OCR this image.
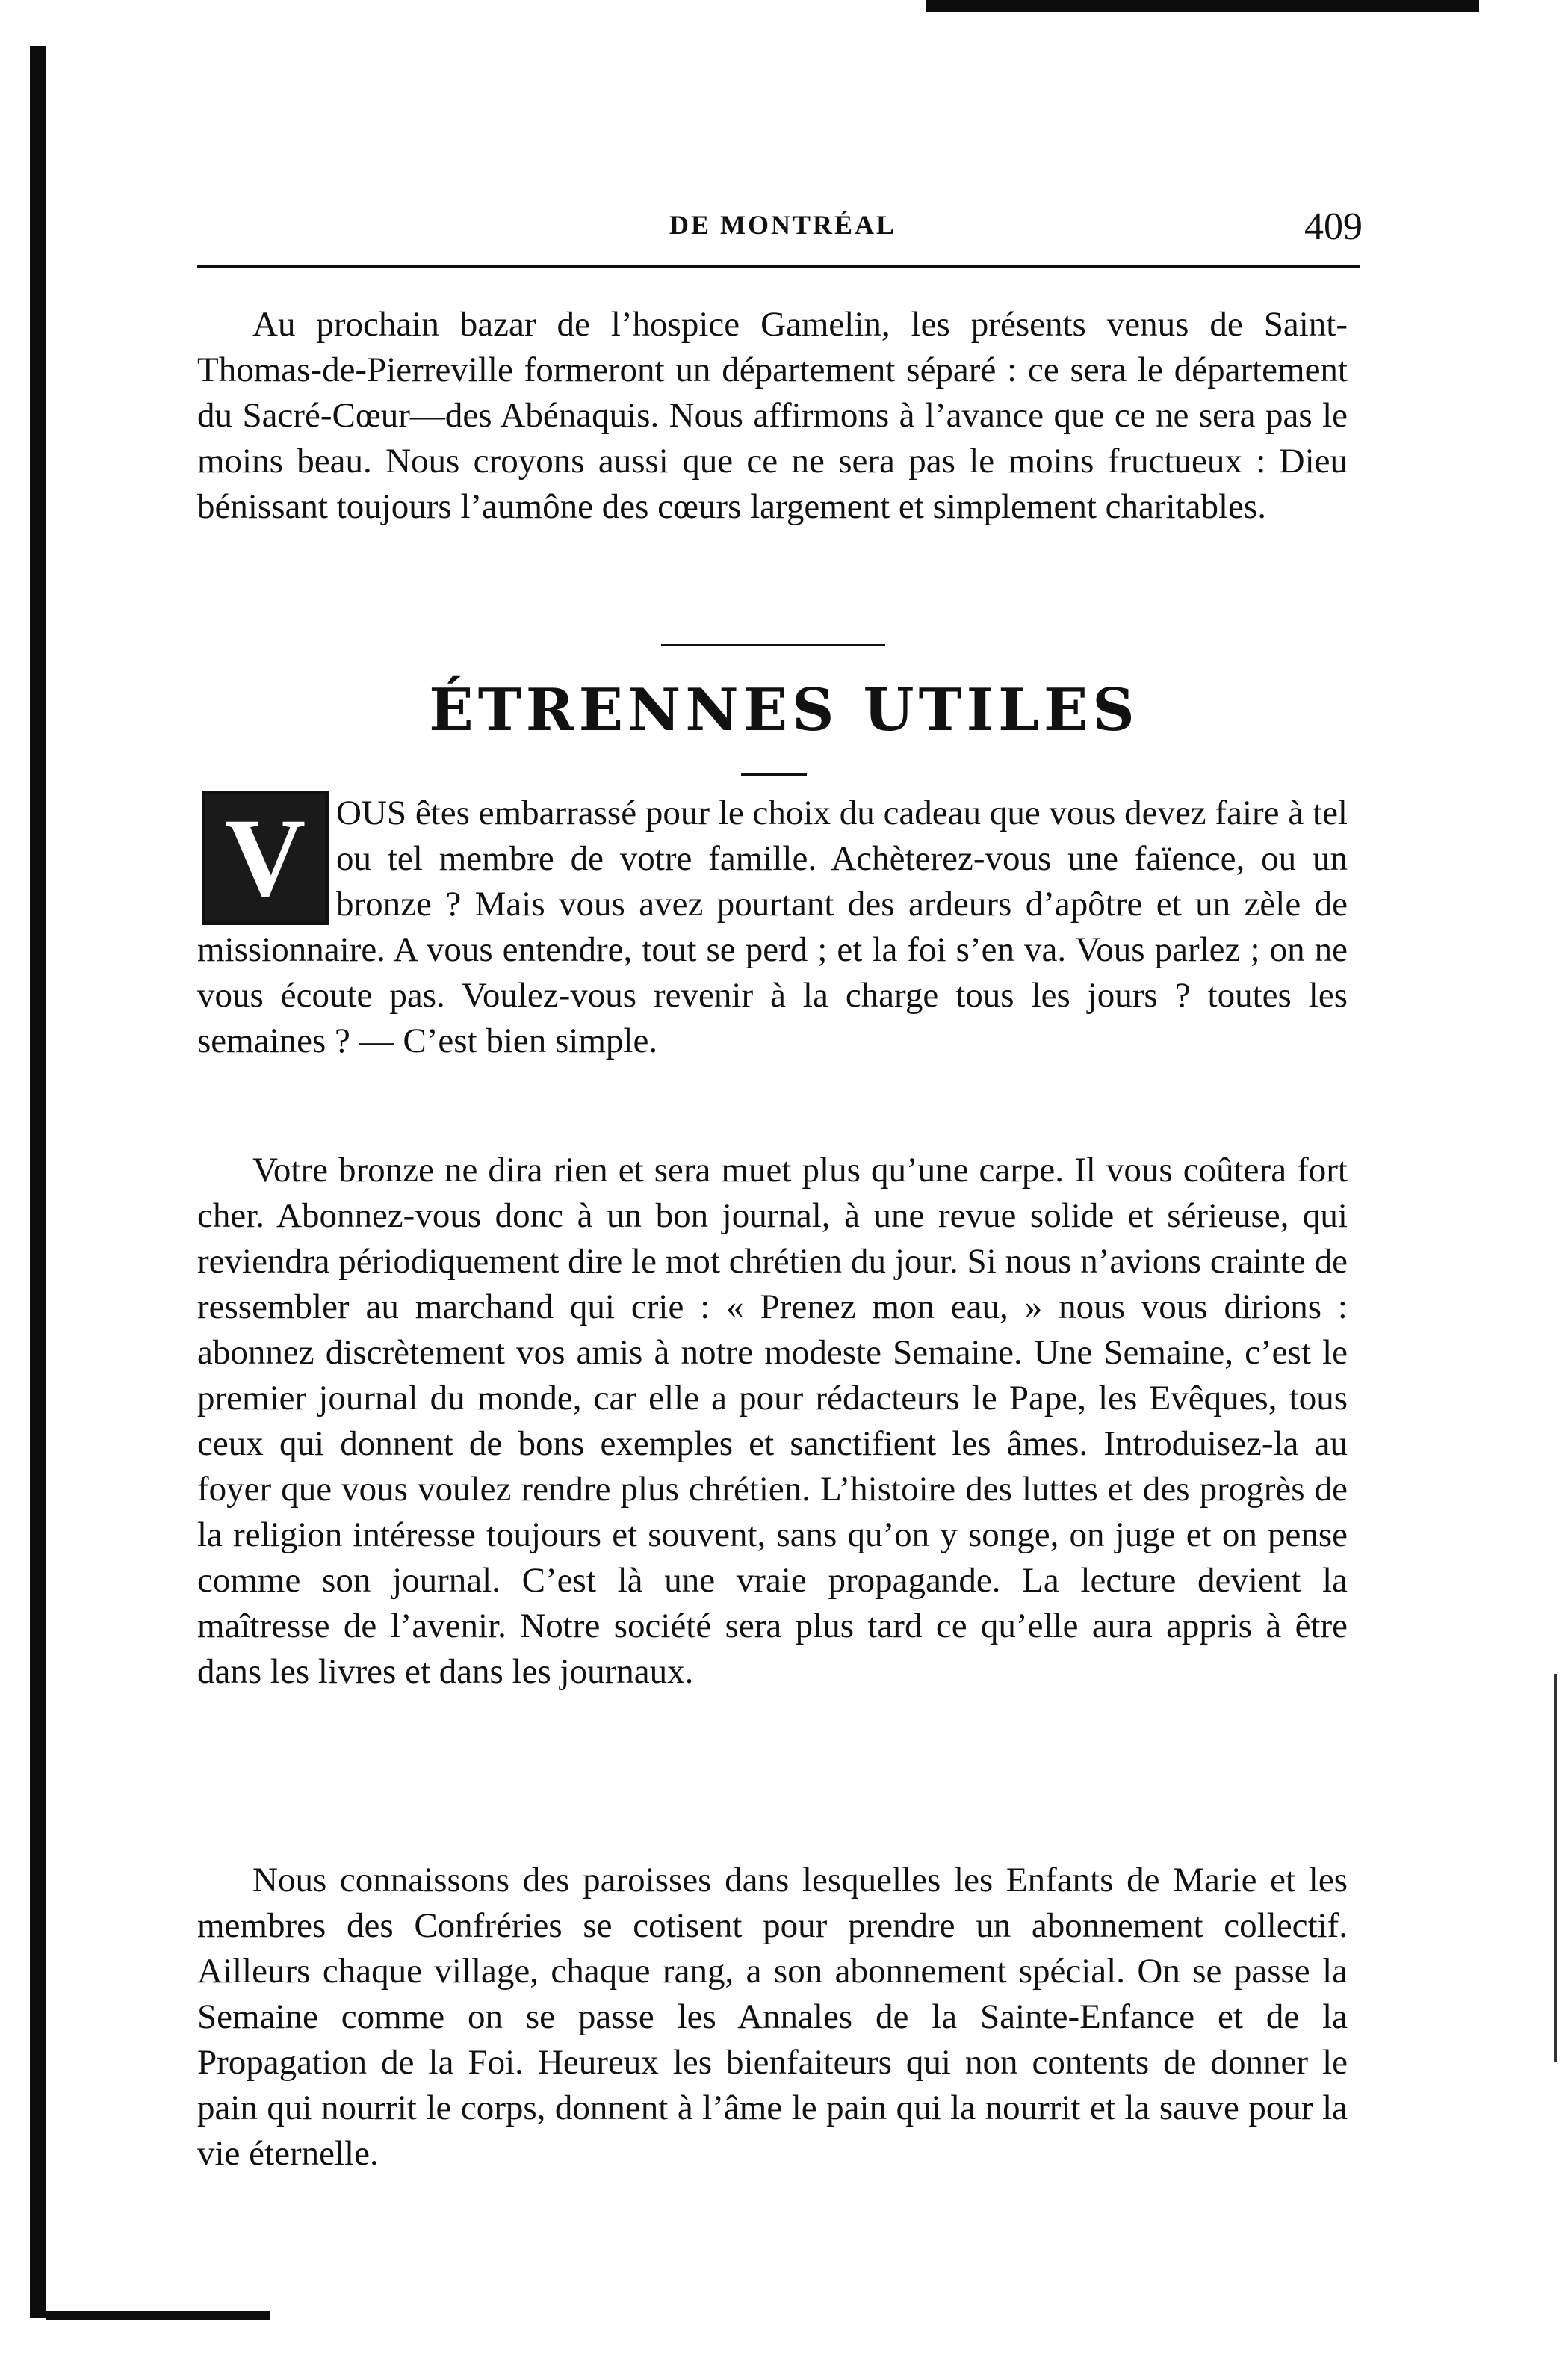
DE MONTRÉAL	409

Au prochain bazar de l’hospice Gamelin, les présents venus de Saint-Thomas-de-Pierreville formeront un département séparé : ce sera le département du Sacré-Cœur—des Abénaquis. Nous affirmons à l’avance que ce ne sera pas le moins beau. Nous croyons aussi que ce ne sera pas le moins fructueux : Dieu bénissant toujours l’aumône des cœurs largement et simplement charitables.

ÉTRENNES UTILES
V OUS êtes embarrassé pour le choix du cadeau que vous devez faire à tel ou tel membre de votre famille. Achèterez-vous une faïence, ou un bronze ? Mais vous avez pourtant des ardeurs d’apôtre et un zèle de missionnaire. A vous entendre, tout se perd ; et la foi s’en va. Vous parlez ; on ne vous écoute pas. Voulez-vous revenir à la charge tous les jours ? toutes les semaines ? — C’est bien simple.

Votre bronze ne dira rien et sera muet plus qu’une carpe. Il vous coûtera fort cher. Abonnez-vous donc à un bon journal, à une revue solide et sérieuse, qui reviendra périodiquement dire le mot chrétien du jour. Si nous n’avions crainte de ressembler au marchand qui crie : « Prenez mon eau, » nous vous dirions : abonnez discrètement vos amis à notre modeste Semaine. Une Semaine, c’est le premier journal du monde, car elle a pour rédacteurs le Pape, les Evêques, tous ceux qui donnent de bons exemples et sanctifient les âmes. Introduisez-la au foyer que vous voulez rendre plus chrétien. L’histoire des luttes et des progrès de la religion intéresse toujours et souvent, sans qu’on y songe, on juge et on pense comme son journal. C’est là une vraie propagande. La lecture devient la maîtresse de l’avenir. Notre société sera plus tard ce qu’elle aura appris à être dans les livres et dans les journaux.

Nous connaissons des paroisses dans lesquelles les Enfants de Marie et les membres des Confréries se cotisent pour prendre un abonnement collectif. Ailleurs chaque village, chaque rang, a son abonnement spécial. On se passe la Semaine comme on se passe les Annales de la Sainte-Enfance et de la Propagation de la Foi. Heureux les bienfaiteurs qui non contents de donner le pain qui nourrit le corps, donnent à l’âme le pain qui la nourrit et la sauve pour la vie éternelle.
